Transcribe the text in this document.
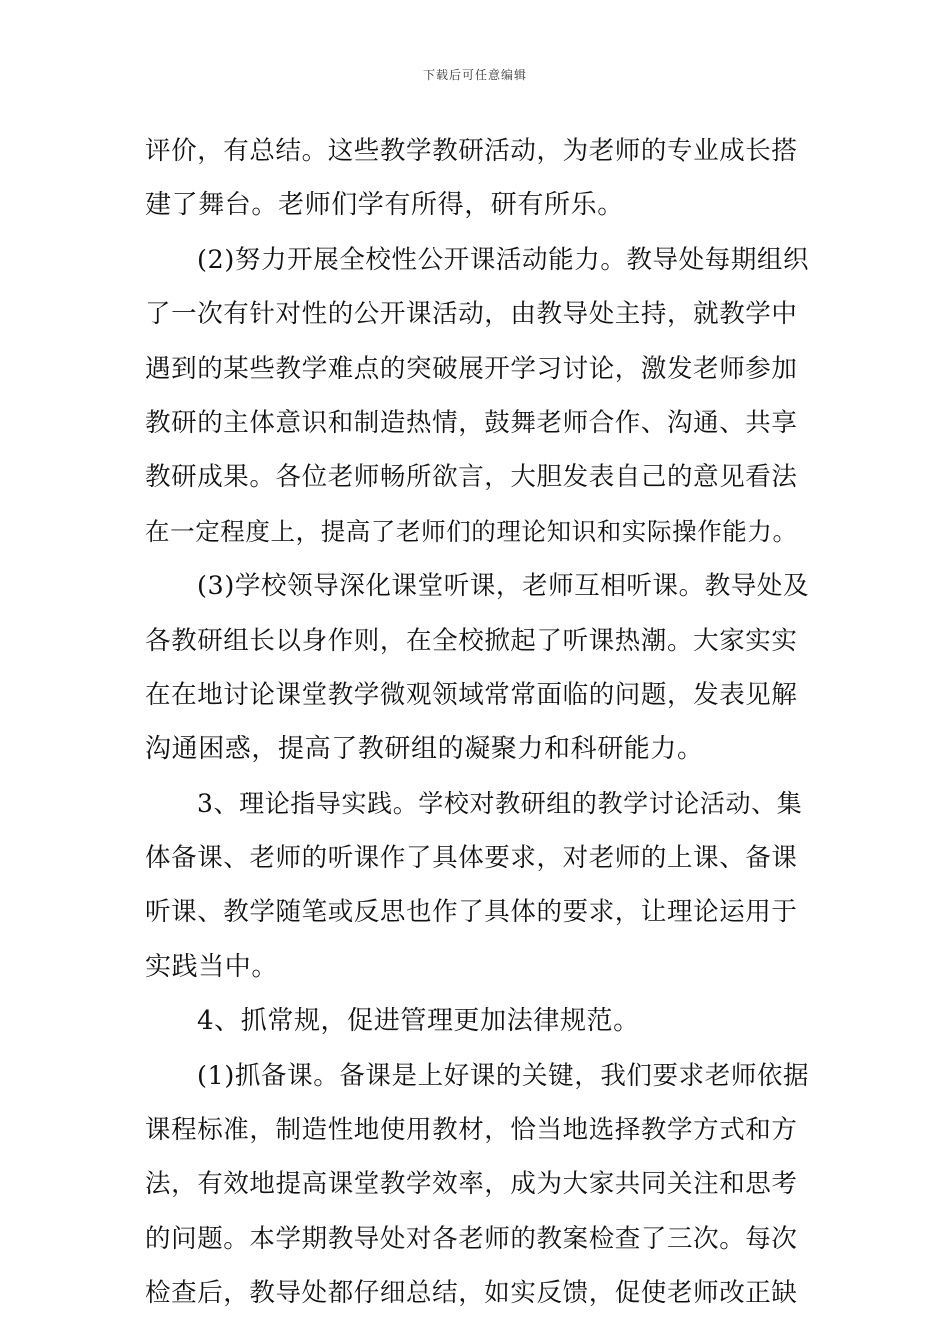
下载后可任意编辑
评价，有总结。这些教学教研活动，为老师的专业成长搭
建了舞台。老师们学有所得，研有所乐。
(2)努力开展全校性公开课活动能力。教导处每期组织
了一次有针对性的公开课活动，由教导处主持，就教学中
遇到的某些教学难点的突破展开学习讨论，激发老师参加
教研的主体意识和制造热情，鼓舞老师合作、沟通、共享
教研成果。各位老师畅所欲言，大胆发表自己的意见看法
在一定程度上，提高了老师们的理论知识和实际操作能力。
(3)学校领导深化课堂听课，老师互相听课。教导处及
各教研组长以身作则，在全校掀起了听课热潮。大家实实
在在地讨论课堂教学微观领域常常面临的问题，发表见解
沟通困惑，提高了教研组的凝聚力和科研能力。
3、理论指导实践。学校对教研组的教学讨论活动、集
体备课、老师的听课作了具体要求，对老师的上课、备课
听课、教学随笔或反思也作了具体的要求，让理论运用于
实践当中。
4、抓常规，促进管理更加法律规范。
(1)抓备课。备课是上好课的关键，我们要求老师依据
课程标准，制造性地使用教材，恰当地选择教学方式和方
法，有效地提高课堂教学效率，成为大家共同关注和思考
的问题。本学期教导处对各老师的教案检查了三次。每次
检查后，教导处都仔细总结，如实反馈，促使老师改正缺
